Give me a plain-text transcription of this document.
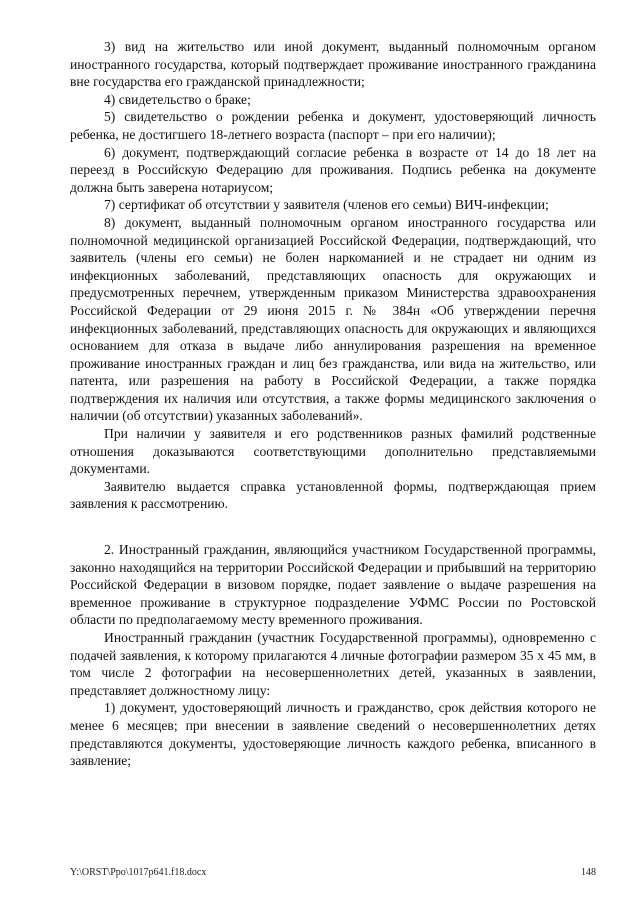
3) вид на жительство или иной документ, выданный полномочным органом иностранного государства, который подтверждает проживание иностранного гражданина вне государства его гражданской принадлежности;

4) свидетельство о браке;

5) свидетельство о рождении ребенка и документ, удостоверяющий личность ребенка, не достигшего 18-летнего возраста (паспорт – при его наличии);

6) документ, подтверждающий согласие ребенка в возрасте от 14 до 18 лет на переезд в Российскую Федерацию для проживания. Подпись ребенка на документе должна быть заверена нотариусом;

7) сертификат об отсутствии у заявителя (членов его семьи) ВИЧ-инфекции;

8) документ, выданный полномочным органом иностранного государства или полномочной медицинской организацией Российской Федерации, подтверждающий, что заявитель (члены его семьи) не болен наркоманией и не страдает ни одним из инфекционных заболеваний, представляющих опасность для окружающих и предусмотренных перечнем, утвержденным приказом Министерства здравоохранения Российской Федерации от 29 июня 2015 г. № 384н «Об утверждении перечня инфекционных заболеваний, представляющих опасность для окружающих и являющихся основанием для отказа в выдаче либо аннулирования разрешения на временное проживание иностранных граждан и лиц без гражданства, или вида на жительство, или патента, или разрешения на работу в Российской Федерации, а также порядка подтверждения их наличия или отсутствия, а также формы медицинского заключения о наличии (об отсутствии) указанных заболеваний».

При наличии у заявителя и его родственников разных фамилий родственные отношения доказываются соответствующими дополнительно представляемыми документами.

Заявителю выдается справка установленной формы, подтверждающая прием заявления к рассмотрению.

2. Иностранный гражданин, являющийся участником Государственной программы, законно находящийся на территории Российской Федерации и прибывший на территорию Российской Федерации в визовом порядке, подает заявление о выдаче разрешения на временное проживание в структурное подразделение УФМС России по Ростовской области по предполагаемому месту временного проживания.

Иностранный гражданин (участник Государственной программы), одновременно с подачей заявления, к которому прилагаются 4 личные фотографии размером 35 х 45 мм, в том числе 2 фотографии на несовершеннолетних детей, указанных в заявлении, представляет должностному лицу:

1) документ, удостоверяющий личность и гражданство, срок действия которого не менее 6 месяцев; при внесении в заявление сведений о несовершеннолетних детях представляются документы, удостоверяющие личность каждого ребенка, вписанного в заявление;

Y:\ORST\Ppo\1017p641.f18.docx	148
